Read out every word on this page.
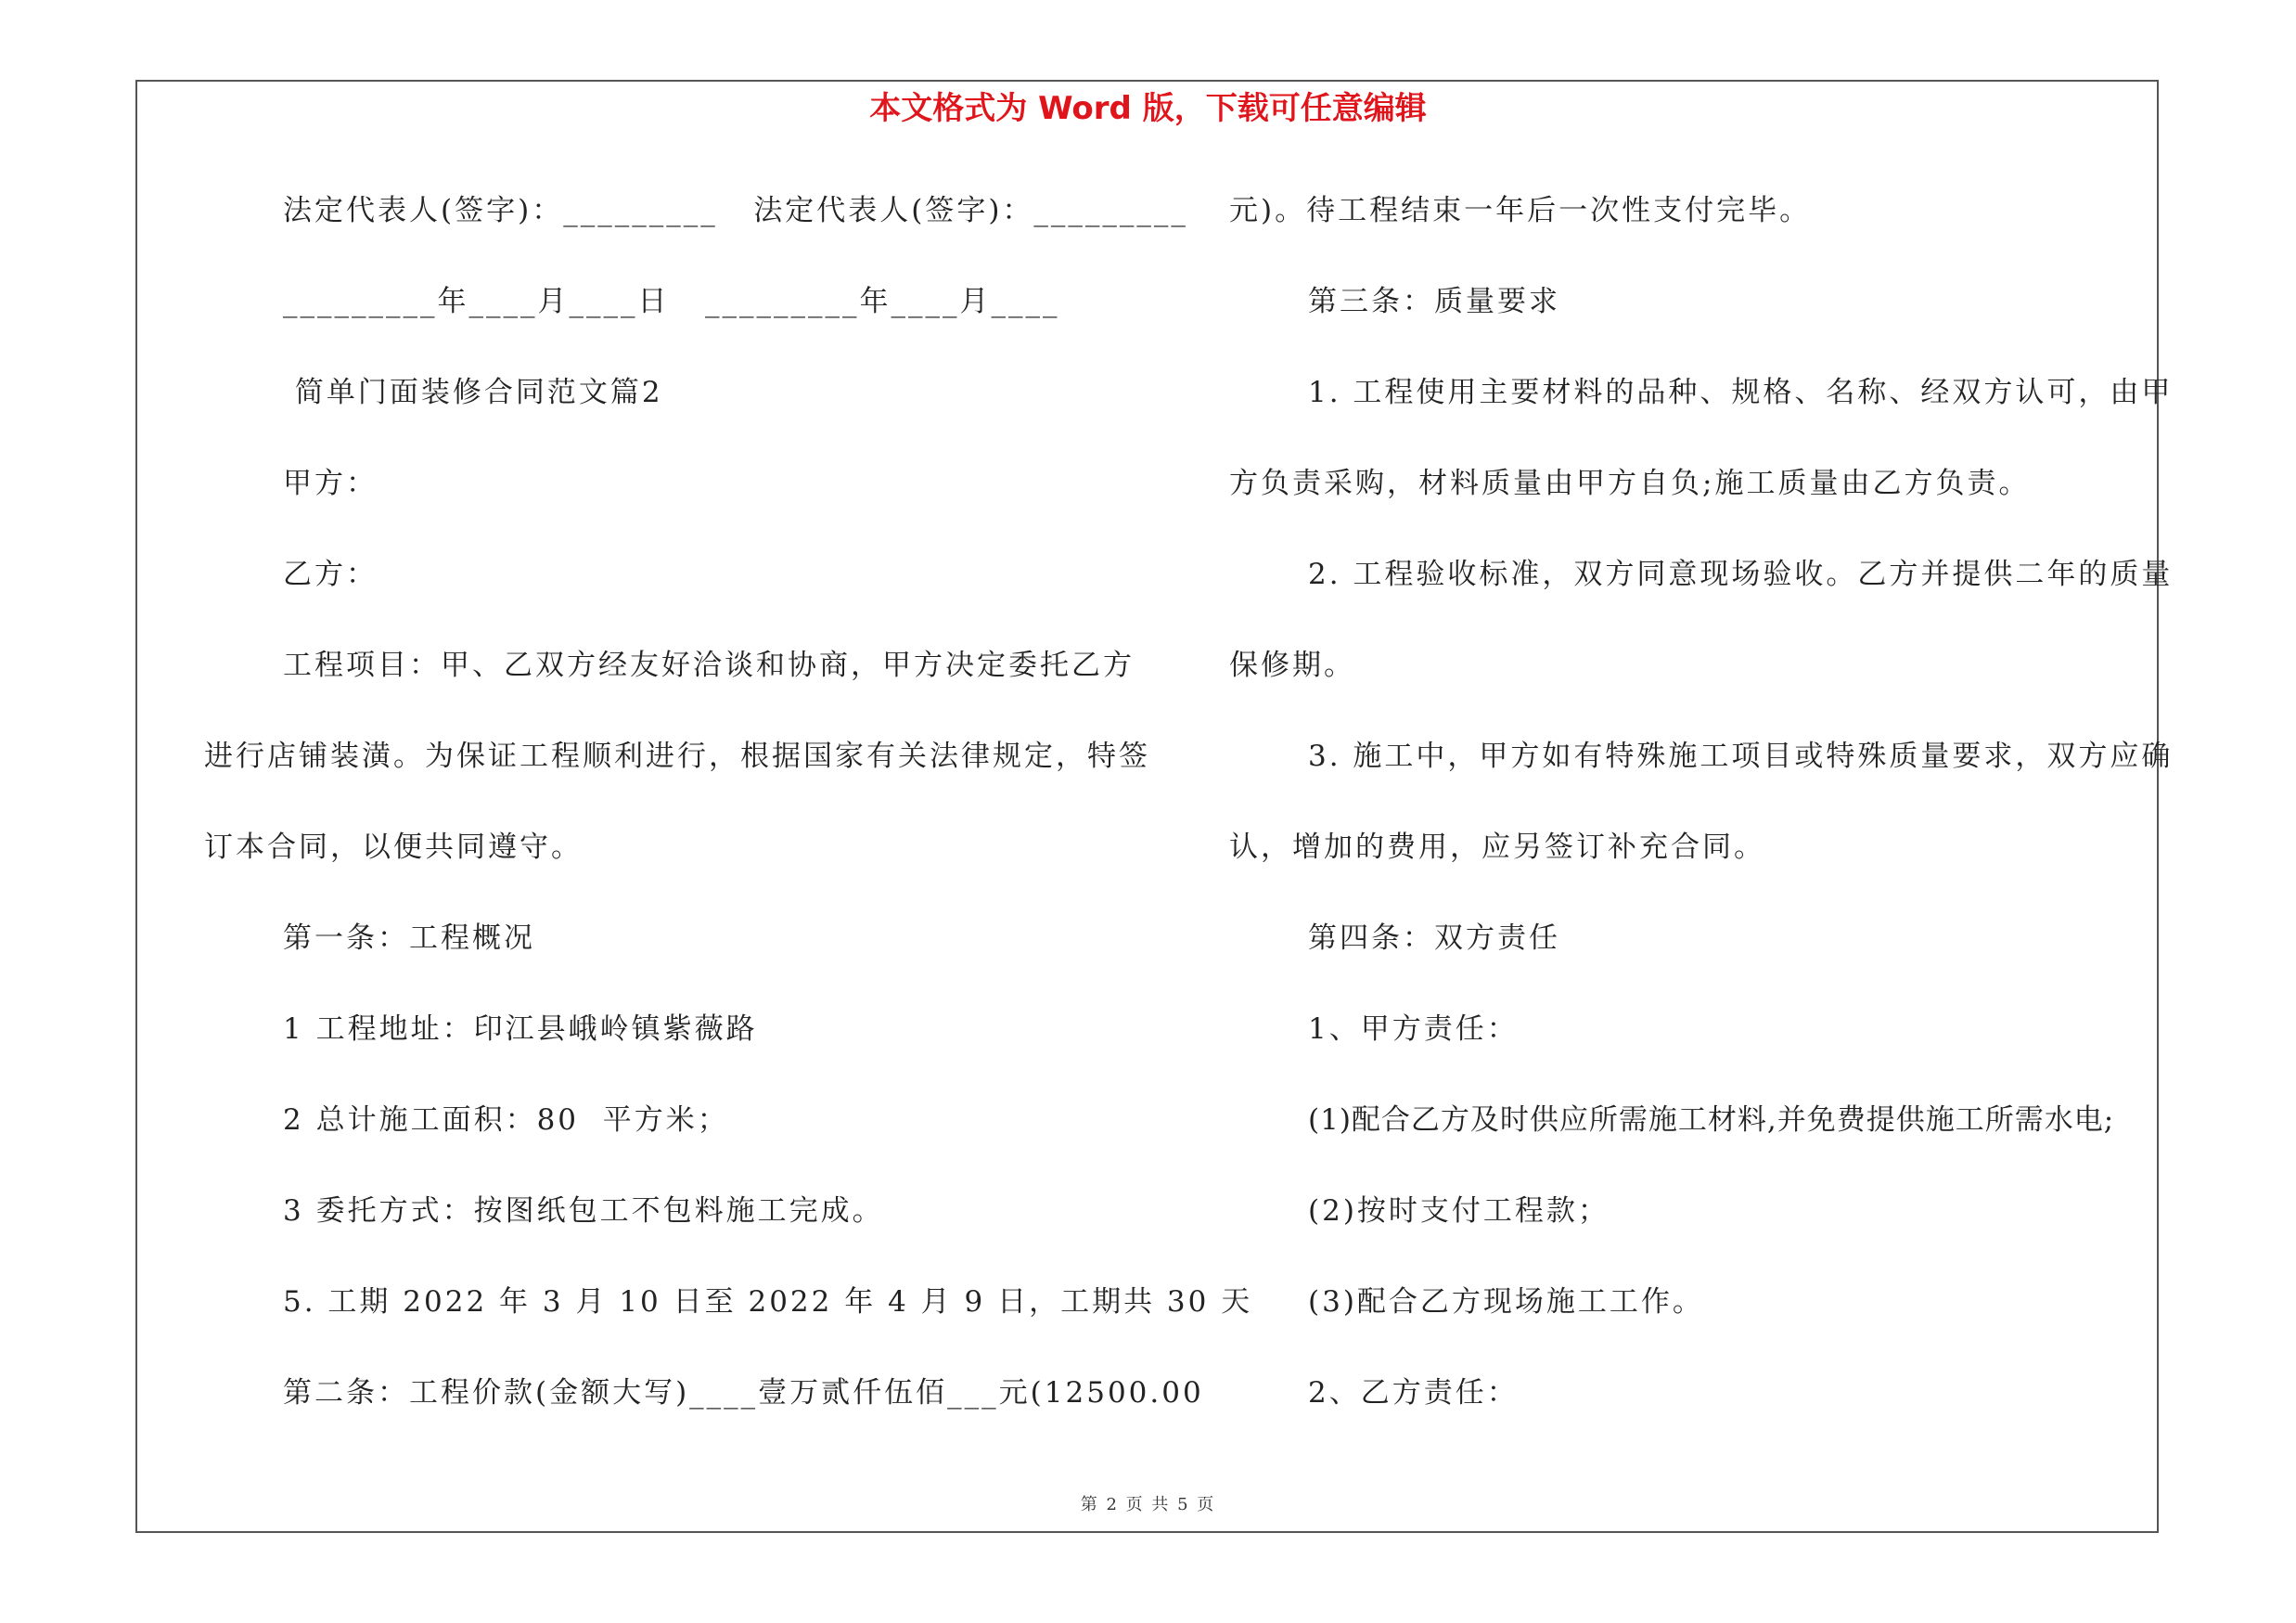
本文格式为 Word 版，下载可任意编辑
法定代表人(签字)：_________   法定代表人(签字)：_________
_________年____月____日   _________年____月____
简单门面装修合同范文篇2
甲方：
乙方：
工程项目：甲、乙双方经友好洽谈和协商，甲方决定委托乙方
进行店铺装潢。为保证工程顺利进行，根据国家有关法律规定，特签
订本合同，以便共同遵守。
第一条：工程概况
1 工程地址：印江县峨岭镇紫薇路
2 总计施工面积：80  平方米；
3 委托方式：按图纸包工不包料施工完成。
5. 工期 2022 年 3 月 10 日至 2022 年 4 月 9 日，工期共 30 天
第二条：工程价款(金额大写)____壹万贰仟伍佰___元(12500.00
元)。待工程结束一年后一次性支付完毕。
第三条：质量要求
1. 工程使用主要材料的品种、规格、名称、经双方认可，由甲
方负责采购，材料质量由甲方自负;施工质量由乙方负责。
2. 工程验收标准，双方同意现场验收。乙方并提供二年的质量
保修期。
3. 施工中，甲方如有特殊施工项目或特殊质量要求，双方应确
认，增加的费用，应另签订补充合同。
第四条：双方责任
1、甲方责任：
(1)配合乙方及时供应所需施工材料,并免费提供施工所需水电;
(2)按时支付工程款；
(3)配合乙方现场施工工作。
2、乙方责任：
第 2 页 共 5 页
